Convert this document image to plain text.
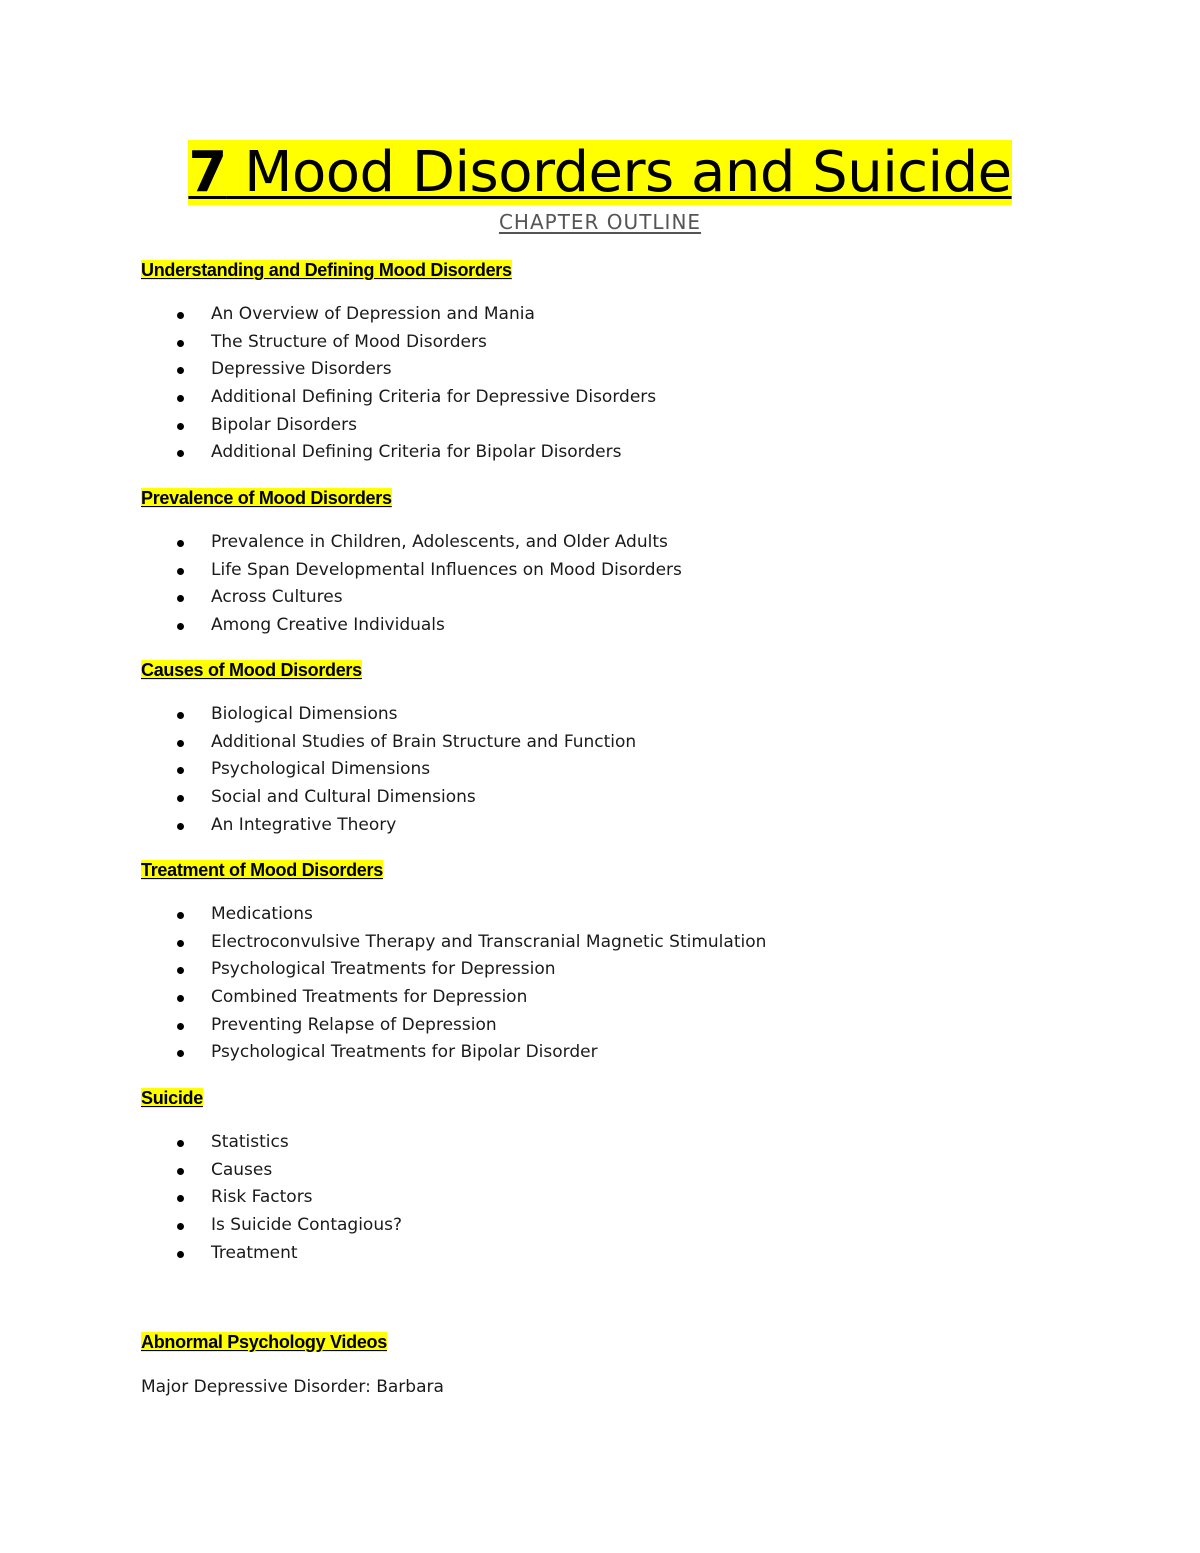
7 Mood Disorders and Suicide
CHAPTER OUTLINE
Understanding and Defining Mood Disorders
An Overview of Depression and Mania
The Structure of Mood Disorders
Depressive Disorders
Additional Defining Criteria for Depressive Disorders
Bipolar Disorders
Additional Defining Criteria for Bipolar Disorders
Prevalence of Mood Disorders
Prevalence in Children, Adolescents, and Older Adults
Life Span Developmental Influences on Mood Disorders
Across Cultures
Among Creative Individuals
Causes of Mood Disorders
Biological Dimensions
Additional Studies of Brain Structure and Function
Psychological Dimensions
Social and Cultural Dimensions
An Integrative Theory
Treatment of Mood Disorders
Medications
Electroconvulsive Therapy and Transcranial Magnetic Stimulation
Psychological Treatments for Depression
Combined Treatments for Depression
Preventing Relapse of Depression
Psychological Treatments for Bipolar Disorder
Suicide
Statistics
Causes
Risk Factors
Is Suicide Contagious?
Treatment
Abnormal Psychology Videos

Major Depressive Disorder: Barbara
